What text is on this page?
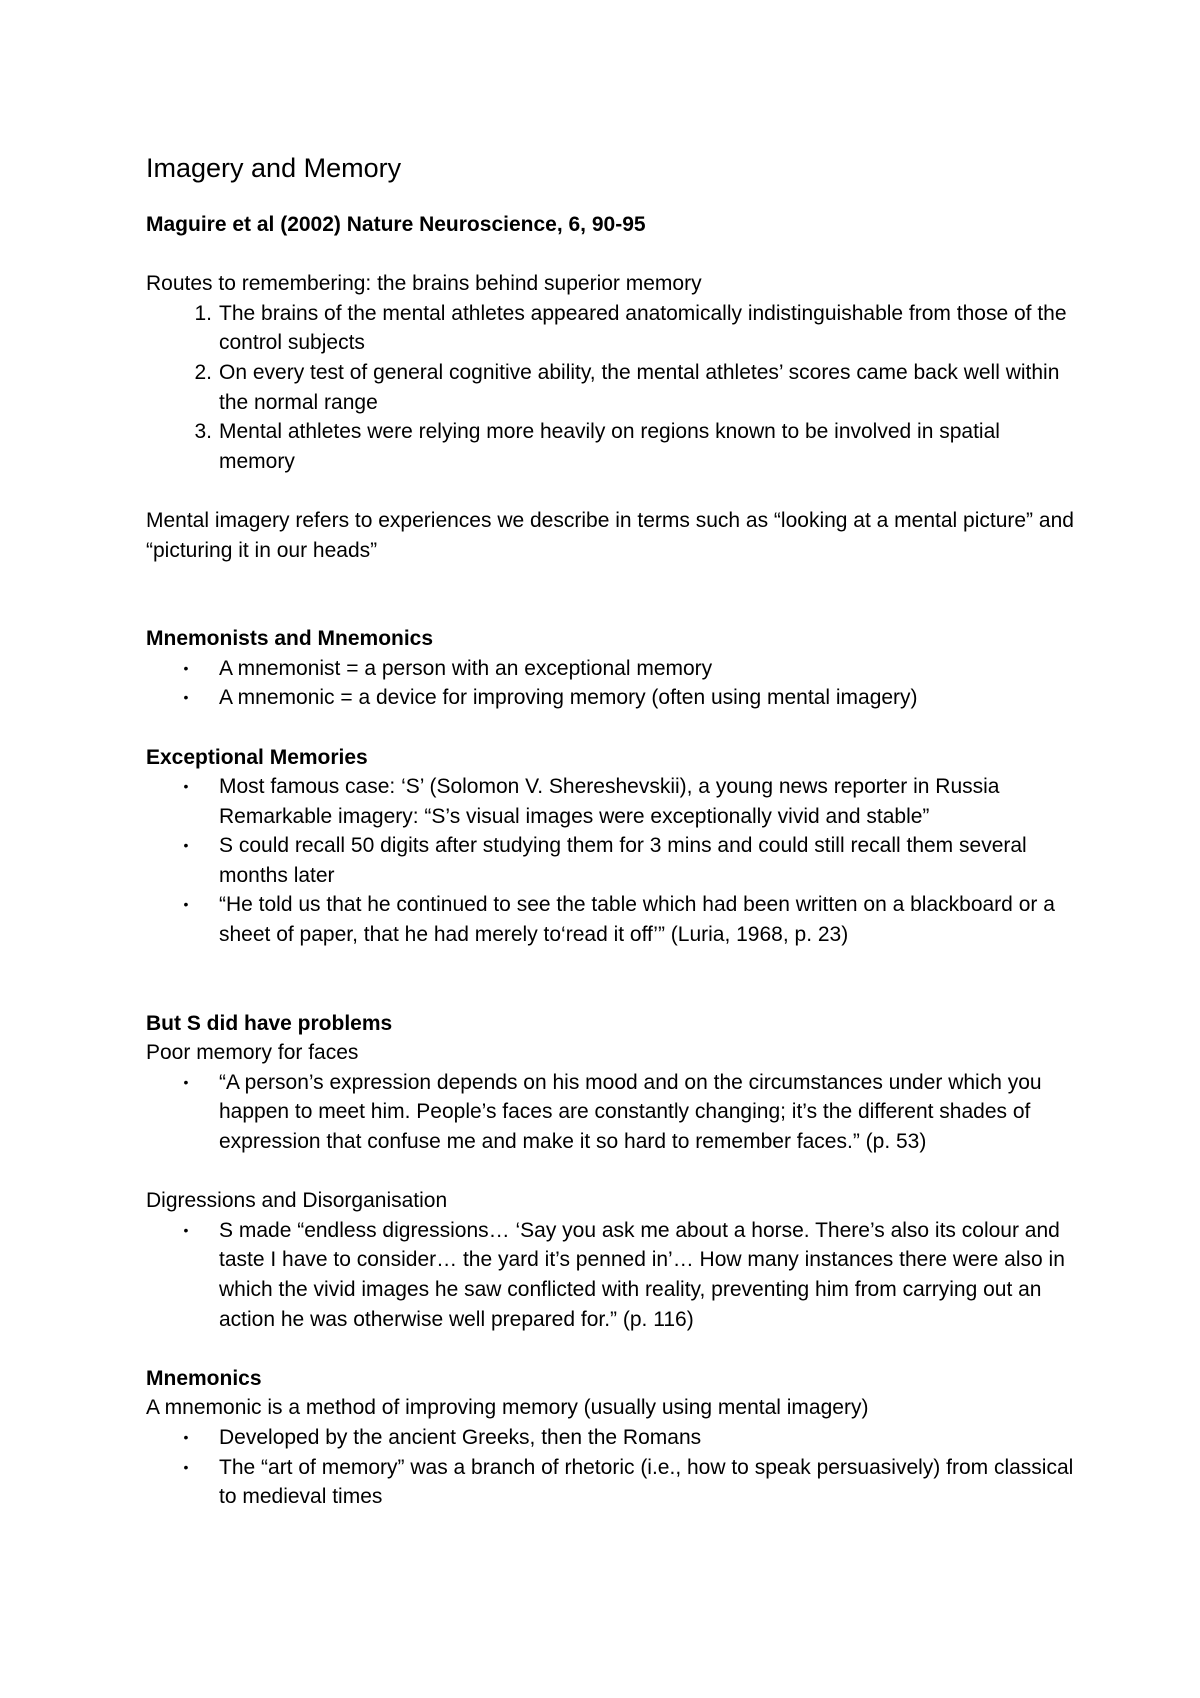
Imagery and Memory

Maguire et al (2002) Nature Neuroscience, 6, 90-95

Routes to remembering: the brains behind superior memory

1. The brains of the mental athletes appeared anatomically indistinguishable from those of the control subjects
2. On every test of general cognitive ability, the mental athletes’ scores came back well within the normal range
3. Mental athletes were relying more heavily on regions known to be involved in spatial memory

Mental imagery refers to experiences we describe in terms such as “looking at a mental picture” and “picturing it in our heads”

Mnemonists and Mnemonics

•	A mnemonist = a person with an exceptional memory
•	A mnemonic = a device for improving memory (often using mental imagery)

Exceptional Memories

•	Most famous case: ‘S’ (Solomon V. Shereshevskii), a young news reporter in Russia Remarkable imagery: “S’s visual images were exceptionally vivid and stable”
•	S could recall 50 digits after studying them for 3 mins and could still recall them several months later
•	“He told us that he continued to see the table which had been written on a blackboard or a sheet of paper, that he had merely to‘read it off’” (Luria, 1968, p. 23)

But S did have problems

Poor memory for faces

•	“A person’s expression depends on his mood and on the circumstances under which you happen to meet him. People’s faces are constantly changing; it’s the different shades of expression that confuse me and make it so hard to remember faces.” (p. 53)

Digressions and Disorganisation

•	S made “endless digressions… ‘Say you ask me about a horse. There’s also its colour and taste I have to consider… the yard it’s penned in’… How many instances there were also in which the vivid images he saw conflicted with reality, preventing him from carrying out an action he was otherwise well prepared for.” (p. 116)

Mnemonics

A mnemonic is a method of improving memory (usually using mental imagery)

•	Developed by the ancient Greeks, then the Romans
•	The “art of memory” was a branch of rhetoric (i.e., how to speak persuasively) from classical to medieval times
